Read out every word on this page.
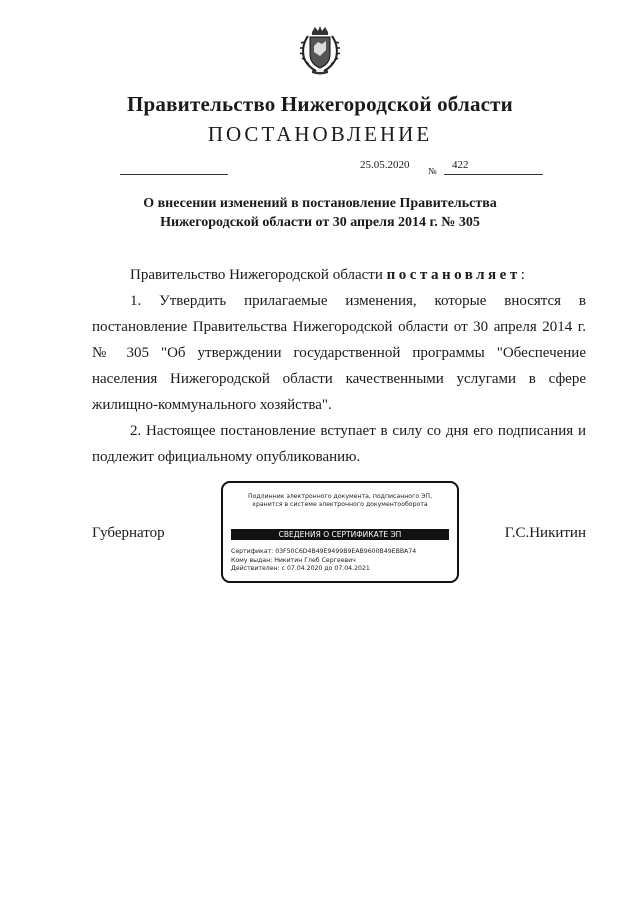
Правительство Нижегородской области
ПОСТАНОВЛЕНИЕ
25.05.2020 № 422
О внесении изменений в постановление Правительства
Нижегородской области от 30 апреля 2014 г. № 305

Правительство Нижегородской области постановляет:

1. Утвердить прилагаемые изменения, которые вносятся в постановление Правительства Нижегородской области от 30 апреля 2014 г. № 305 "Об утверждении государственной программы "Обеспечение населения Нижегородской области качественными услугами в сфере жилищно-коммунального хозяйства".

2. Настоящее постановление вступает в силу со дня его подписания и подлежит официальному опубликованию.

Губернатор	Г.С.Никитин
Подлинник электронного документа, подписанного ЭП,
хранится в системе электронного документооборота
СВЕДЕНИЯ О СЕРТИФИКАТЕ ЭП
Сертификат: 03F50C6D4B49E9499B9EAB9600B49EBBA74
Кому выдан: Никитин Глеб Сергеевич
Действителен: с 07.04.2020 до 07.04.2021
